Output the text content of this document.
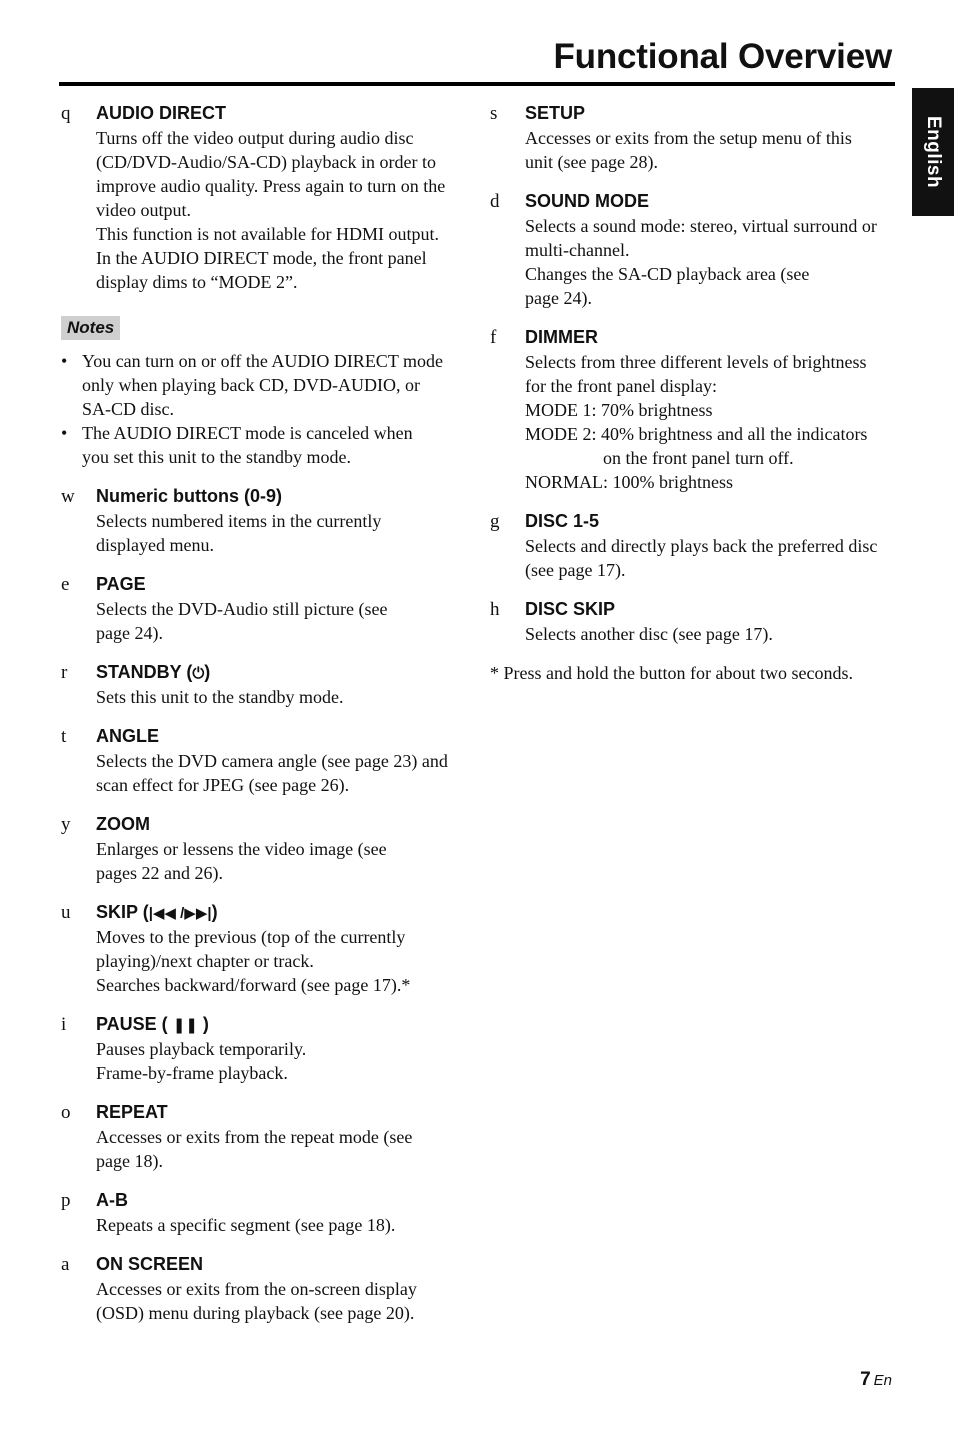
Functional Overview
English
q AUDIO DIRECT
Turns off the video output during audio disc
(CD/DVD-Audio/SA-CD) playback in order to
improve audio quality. Press again to turn on the
video output.
This function is not available for HDMI output.
In the AUDIO DIRECT mode, the front panel
display dims to “MODE 2”.
Notes
• You can turn on or off the AUDIO DIRECT mode
only when playing back CD, DVD-AUDIO, or
SA-CD disc.
• The AUDIO DIRECT mode is canceled when
you set this unit to the standby mode.
w Numeric buttons (0-9)
Selects numbered items in the currently
displayed menu.
e PAGE
Selects the DVD-Audio still picture (see
page 24).
r STANDBY (⏻)
Sets this unit to the standby mode.
t ANGLE
Selects the DVD camera angle (see page 23) and
scan effect for JPEG (see page 26).
y ZOOM
Enlarges or lessens the video image (see
pages 22 and 26).
u SKIP (|◀◀ /▶▶|)
Moves to the previous (top of the currently
playing)/next chapter or track.
Searches backward/forward (see page 17).*
i PAUSE ( ❚❚ )
Pauses playback temporarily.
Frame-by-frame playback.
o REPEAT
Accesses or exits from the repeat mode (see
page 18).
p A-B
Repeats a specific segment (see page 18).
a ON SCREEN
Accesses or exits from the on-screen display
(OSD) menu during playback (see page 20).
s SETUP
Accesses or exits from the setup menu of this
unit (see page 28).
d SOUND MODE
Selects a sound mode: stereo, virtual surround or
multi-channel.
Changes the SA-CD playback area (see
page 24).
f DIMMER
Selects from three different levels of brightness
for the front panel display:
MODE 1: 70% brightness
MODE 2: 40% brightness and all the indicators
on the front panel turn off.
NORMAL: 100% brightness
g DISC 1-5
Selects and directly plays back the preferred disc
(see page 17).
h DISC SKIP
Selects another disc (see page 17).
* Press and hold the button for about two seconds.
7 En
